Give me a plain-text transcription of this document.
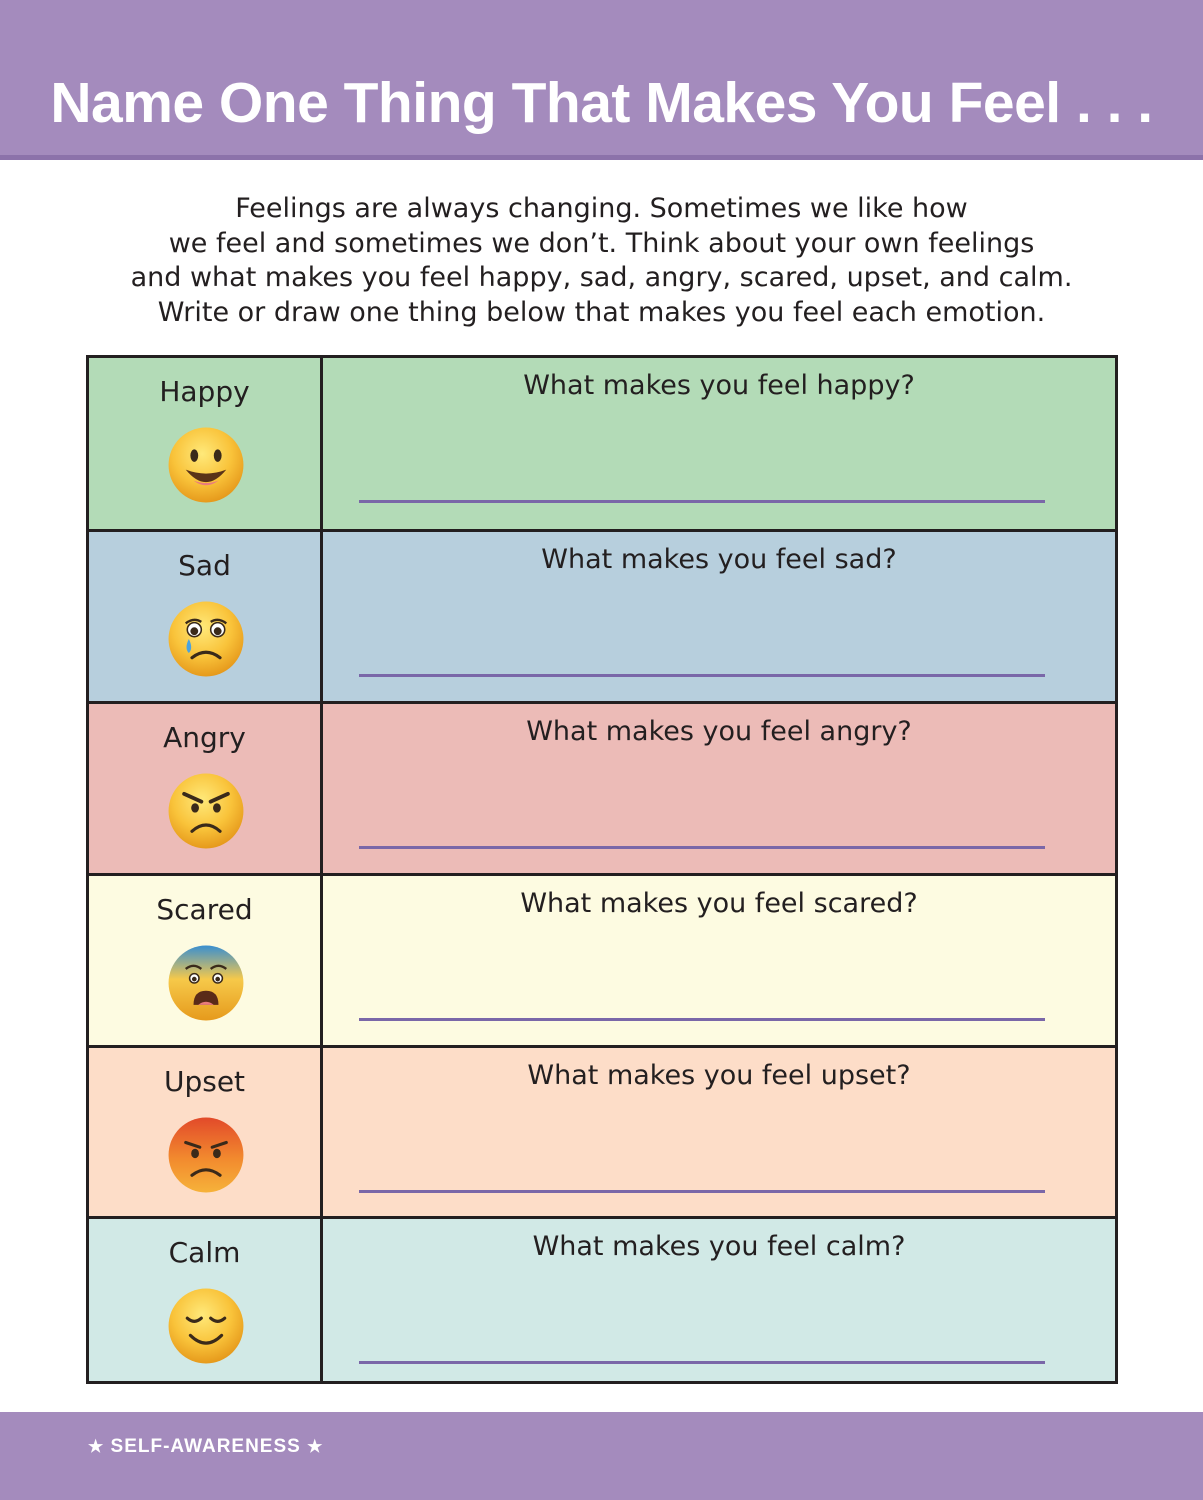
Name One Thing That Makes You Feel . . .
Feelings are always changing. Sometimes we like how
we feel and sometimes we don’t. Think about your own feelings
and what makes you feel happy, sad, angry, scared, upset, and calm.
Write or draw one thing below that makes you feel each emotion.
Happy	What makes you feel happy?
Sad	What makes you feel sad?
Angry	What makes you feel angry?
Scared	What makes you feel scared?
Upset	What makes you feel upset?
Calm	What makes you feel calm?
★ SELF-AWARENESS ★
